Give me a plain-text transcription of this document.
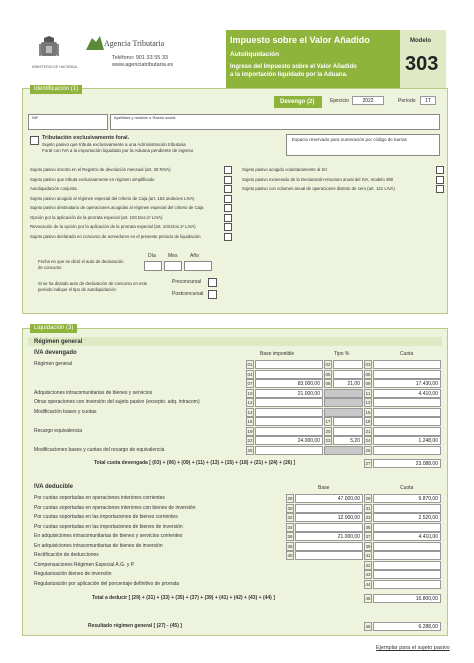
MINISTERIO DE HACIENDA
Agencia Tributaria
Teléfono: 901 33 55 33
www.agenciatributaria.es
Impuesto sobre el Valor Añadido
Autoliquidación
Ingreso del Impuesto sobre el Valor Añadido
a la importación liquidado por la Aduana.
Modelo
303
Identificación (1)
Devengo (2)	Ejercicio	2022	Período	1T
NIF	Apellidos y nombre o Razón social
Tributación exclusivamente foral.
Sujeto pasivo que tributa exclusivamente a una Administración tributaria
Foral con IVA a la importación liquidado por la Aduana pendiente de ingreso
Espacio reservado para numeración por código de barras
Sujeto pasivo inscrito en el Registro de devolución mensual (art. 30 RIVA)
Sujeto pasivo que tributa exclusivamente en régimen simplificado
Autoliquidación conjunta
Sujeto pasivo acogido al régimen especial del criterio de Caja (art. 163 undecies LIVA)
Sujeto pasivo destinatario de operaciones acogidas al régimen especial del criterio de Caja
Opción por la aplicación de la prorrata especial (art. 103.Dos.1º LIVA)
Revocación de la opción por la aplicación de la prorrata especial (art. 103.Dos.1º LIVA)
Sujeto pasivo declarado en concurso de acreedores en el presente periodo de liquidación
Sujeto pasivo acogido voluntariamente al SII
Sujeto pasivo exonerado de la Declaración-resumen anual del IVA, modelo 390
Sujeto pasivo con volumen anual de operaciones distinto de cero (art. 121 LIVA)
Fecha en que se dictó el auto de declaración
de concurso
Día Mes	Año
Si se ha dictado auto de declaración de concurso en este
periodo indique el tipo de autoliquidación
Preconcursal
Postconcursal
Liquidación (3)
Régimen general
IVA devengado	Base imponible	Tipo %	Cuota
Régimen general	01	02	03
04	05	06
07	83.000,00	08	21,00	09	17.430,00
Adquisiciones intracomunitarias de bienes y servicios	10	21.000,00	11	4.410,00
Otras operaciones con inversión del sujeto pasivo (excepto. adq. intracom)	12	13
Modificación bases y cuotas	14	15
16	17	18
Recargo equivalencia	19	20	21
22	24.000,00	23	5,20	24	1.248,00
Modificaciones bases y cuotas del recargo de equivalencia	25	26
Total cuota devengada [ (03) + (06) + (09) + (11) + (13) + (15) + (18) + (21) + (24) + (26) ]	27	23.088,00
IVA deducible	Base	Cuota
Por cuotas soportadas en operaciones interiores corrientes	28	47.000,00	29	9.870,00
Por cuotas soportadas en operaciones interiores con bienes de inversión	30	31
Por cuotas soportadas en las importaciones de bienes corrientes	32	12.000,00	33	2.520,00
Por cuotas soportadas en las importaciones de bienes de inversión	34	35
En adquisiciones intracomunitarias de bienes y servicios corrientes	36	21.000,00	37	4.410,00
En adquisiciones intracomunitarias de bienes de inversión	38	39
Rectificación de deducciones	40	41
Compensaciones Régimen Especial A.G. y P.	42
Regularización bienes de inversión	43
Regularización por aplicación del porcentaje definitivo de prorrata	44
Total a deducir [ (29) + (31) + (33) + (35) + (37) + (39) + (41) + (42) + (43) + (44) ]	45	16.800,00
Resultado régimen general [ (27) - (45) ]	46	6.288,00
Ejemplar para el sujeto pasivo
